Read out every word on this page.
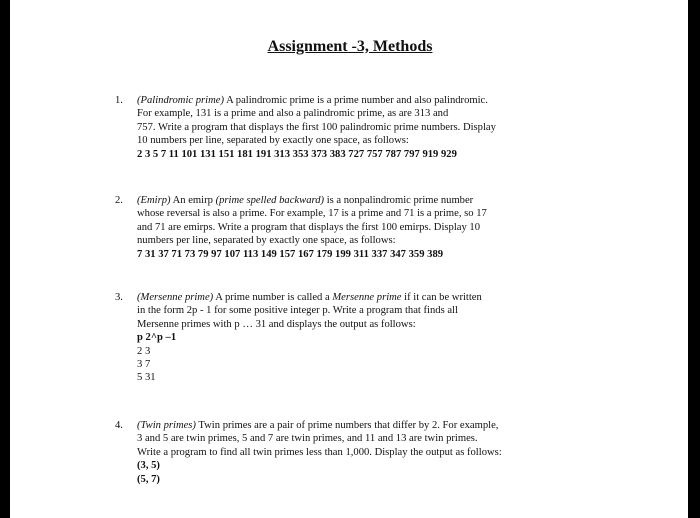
Assignment -3, Methods
1. (Palindromic prime) A palindromic prime is a prime number and also palindromic.
For example, 131 is a prime and also a palindromic prime, as are 313 and
757. Write a program that displays the first 100 palindromic prime numbers. Display
10 numbers per line, separated by exactly one space, as follows:
2 3 5 7 11 101 131 151 181 191 313 353 373 383 727 757 787 797 919 929
2. (Emirp) An emirp (prime spelled backward) is a nonpalindromic prime number
whose reversal is also a prime. For example, 17 is a prime and 71 is a prime, so 17
and 71 are emirps. Write a program that displays the first 100 emirps. Display 10
numbers per line, separated by exactly one space, as follows:
7 31 37 71 73 79 97 107 113 149 157 167 179 199 311 337 347 359 389
3. (Mersenne prime) A prime number is called a Mersenne prime if it can be written
in the form 2p - 1 for some positive integer p. Write a program that finds all
Mersenne primes with p … 31 and displays the output as follows:
p 2^p –1
2 3
3 7
5 31
4. (Twin primes) Twin primes are a pair of prime numbers that differ by 2. For example,
3 and 5 are twin primes, 5 and 7 are twin primes, and 11 and 13 are twin primes.
Write a program to find all twin primes less than 1,000. Display the output as follows:
(3, 5)
(5, 7)
